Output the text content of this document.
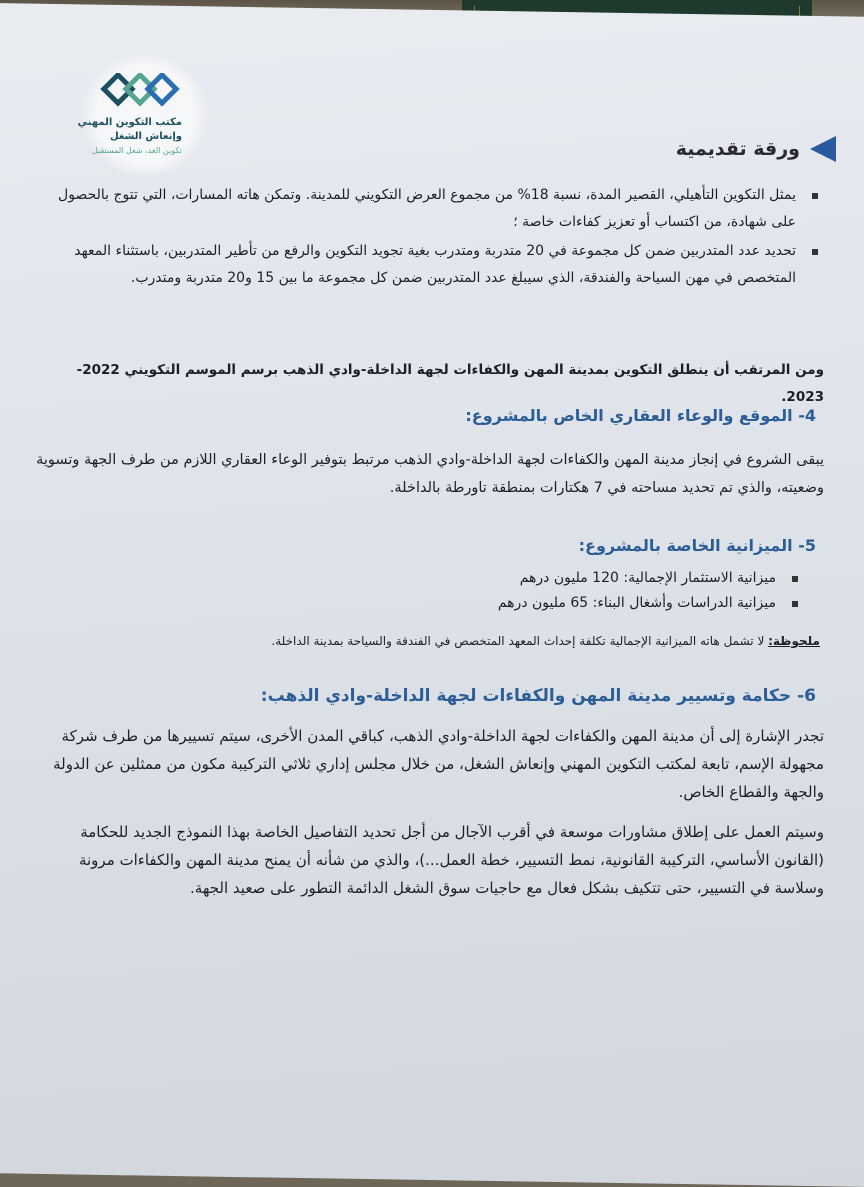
مكتب التكوين المهني
وإنعاش الشغل
تكوين الغد، شغل المستقبل	ورقة تقديمية
يمثل التكوين التأهيلي، القصير المدة، نسبة 18% من مجموع العرض التكويني للمدينة. وتمكن هاته المسارات، التي تتوج بالحصول على شهادة، من اكتساب أو تعزيز كفاءات خاصة ؛
تحديد عدد المتدربين ضمن كل مجموعة في 20 متدربة ومتدرب بغية تجويد التكوين والرفع من تأطير المتدربين، باستثناء المعهد المتخصص في مهن السياحة والفندقة، الذي سيبلغ عدد المتدربين ضمن كل مجموعة ما بين 15 و20 متدربة ومتدرب.

ومن المرتقب أن ينطلق التكوين بمدينة المهن والكفاءات لجهة الداخلة-وادي الذهب برسم الموسم التكويني 2022-2023.

4- الموقع والوعاء العقاري الخاص بالمشروع:

يبقى الشروع في إنجاز مدينة المهن والكفاءات لجهة الداخلة-وادي الذهب مرتبط بتوفير الوعاء العقاري اللازم من طرف الجهة وتسوية وضعيته، والذي تم تحديد مساحته في 7 هكتارات بمنطقة تاورطة بالداخلة.

5- الميزانية الخاصة بالمشروع:
ميزانية الاستثمار الإجمالية: 120 مليون درهم
ميزانية الدراسات وأشغال البناء: 65 مليون درهم
ملحوظة: لا تشمل هاته الميزانية الإجمالية تكلفة إحداث المعهد المتخصص في الفندقة والسياحة بمدينة الداخلة.
6- حكامة وتسيير مدينة المهن والكفاءات لجهة الداخلة-وادي الذهب:

تجدر الإشارة إلى أن مدينة المهن والكفاءات لجهة الداخلة-وادي الذهب، كباقي المدن الأخرى، سيتم تسييرها من طرف شركة مجهولة الإسم، تابعة لمكتب التكوين المهني وإنعاش الشغل، من خلال مجلس إداري ثلاثي التركيبة مكون من ممثلين عن الدولة والجهة والقطاع الخاص.

وسيتم العمل على إطلاق مشاورات موسعة في أقرب الآجال من أجل تحديد التفاصيل الخاصة بهذا النموذج الجديد للحكامة (القانون الأساسي، التركيبة القانونية، نمط التسيير، خطة العمل...)، والذي من شأنه أن يمنح مدينة المهن والكفاءات مرونة وسلاسة في التسيير، حتى تتكيف بشكل فعال مع حاجيات سوق الشغل الدائمة التطور على صعيد الجهة.
